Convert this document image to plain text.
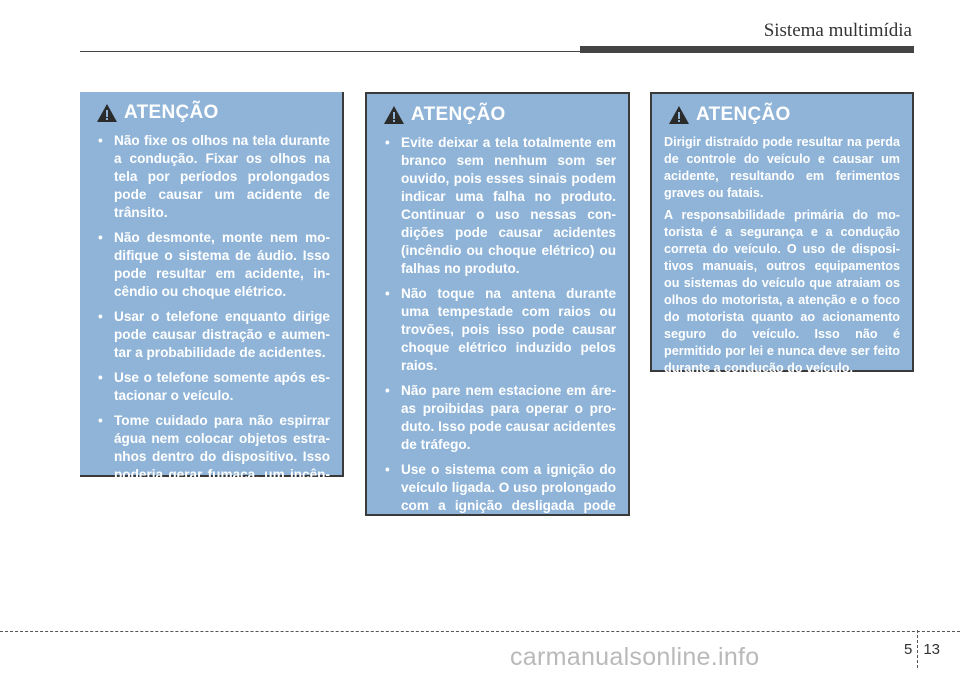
Sistema multimídia
ATENÇÃO
• Não fixe os olhos na tela durante a condução. Fixar os olhos na tela por períodos prolongados pode causar um acidente de trânsito.
• Não desmonte, monte nem modifique o sistema de áudio. Isso pode resultar em acidente, incêndio ou choque elétrico.
• Usar o telefone enquanto dirige pode causar distração e aumentar a probabilidade de acidentes.
• Use o telefone somente após estacionar o veículo.
• Tome cuidado para não espirrar água nem colocar objetos estranhos dentro do dispositivo. Isso poderia gerar fumaça, um incêndio ou falha no produto.
ATENÇÃO
• Evite deixar a tela totalmente em branco sem nenhum som ser ouvido, pois esses sinais podem indicar uma falha no produto. Continuar o uso nessas condições pode causar acidentes (incêndio ou choque elétrico) ou falhas no produto.
• Não toque na antena durante uma tempestade com raios ou trovões, pois isso pode causar choque elétrico induzido pelos raios.
• Não pare nem estacione em áreas proibidas para operar o produto. Isso pode causar acidentes de tráfego.
• Use o sistema com a ignição do veículo ligada. O uso prolongado com a ignição desligada pode descarregar a bateria.
ATENÇÃO

Dirigir distraído pode resultar na perda de controle do veículo e causar um acidente, resultando em ferimentos graves ou fatais.

A responsabilidade primária do motorista é a segurança e a condução correta do veículo. O uso de dispositivos manuais, outros equipamentos ou sistemas do veículo que atraiam os olhos do motorista, a atenção e o foco do motorista quanto ao acionamento seguro do veículo. Isso não é permitido por lei e nunca deve ser feito durante a condução do veículo.

5 13
carmanualsonline.info
